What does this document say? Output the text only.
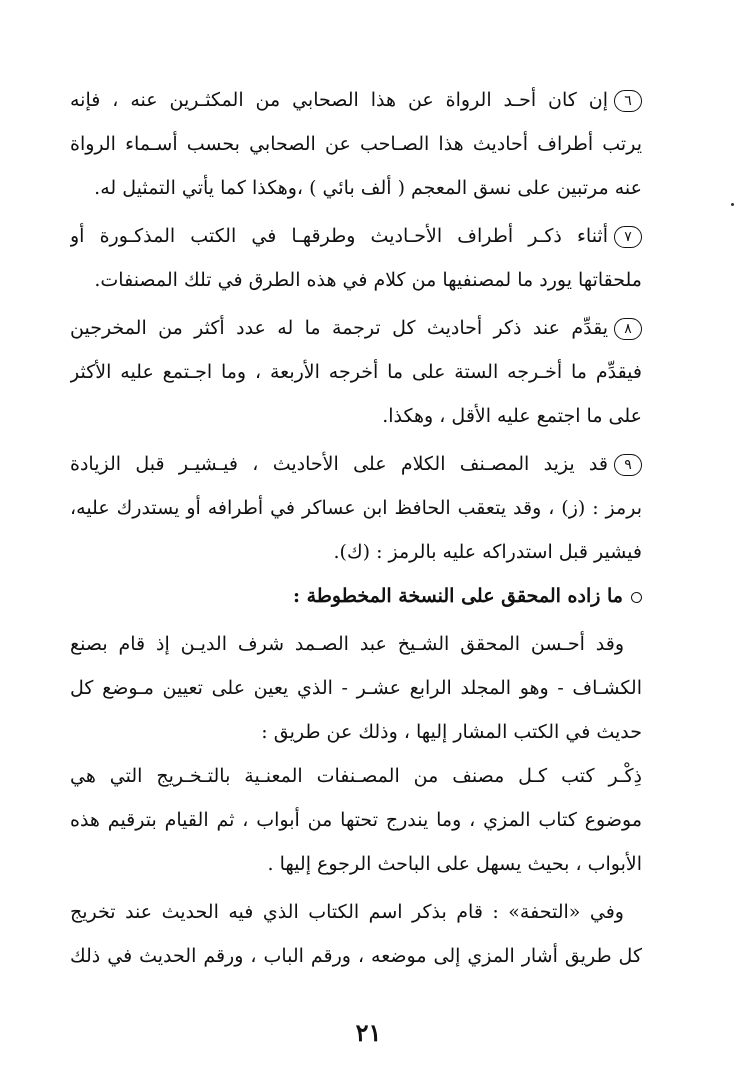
٦إن كان أحـد الرواة عن هذا الصحابي من المكثـرين عنه ، فإنه
يرتب أطراف أحاديث هذا الصـاحب عن الصحابي بحسب أسـماء الرواة
عنه مرتبين على نسق المعجم ( ألف بائي ) ،وهكذا كما يأتي التمثيل له.
٧أثناء ذكـر أطراف الأحـاديث وطرقهـا في الكتب المذكـورة أو
ملحقاتها يورد ما لمصنفيها من كلام في هذه الطرق في تلك المصنفات.
٨يقدِّم عند ذكر أحاديث كل ترجمة ما له عدد أكثر من المخرجين
فيقدِّم ما أخـرجه الستة على ما أخرجه الأربعة ، وما اجـتمع عليه الأكثر
على ما اجتمع عليه الأقل ، وهكذا.
٩قد يزيد المصـنف الكلام على الأحاديث ، فيـشيـر قبل الزيادة
برمز : (ز) ، وقد يتعقب الحافظ ابن عساكر في أطرافه أو يستدرك عليه،
فيشير قبل استدراكه عليه بالرمز : (ك).
ما زاده المحقق على النسخة المخطوطة :
وقد أحـسن المحقق الشـيخ عبد الصـمد شرف الديـن إذ قام بصنع
الكشـاف - وهو المجلد الرابع عشـر - الذي يعين على تعيين مـوضع كل
حديث في الكتب المشار إليها ، وذلك عن طريق :
ذِكْـر كتب كـل مصنف من المصـنفات المعنـية بالتـخـريج التي هي
موضوع كتاب المزي ، وما يندرج تحتها من أبواب ، ثم القيام بترقيم هذه
الأبواب ، بحيث يسهل على الباحث الرجوع إليها .
وفي «التحفة» : قام بذكر اسم الكتاب الذي فيه الحديث عند تخريج
كل طريق أشار المزي إلى موضعه ، ورقم الباب ، ورقم الحديث في ذلك
٢١
